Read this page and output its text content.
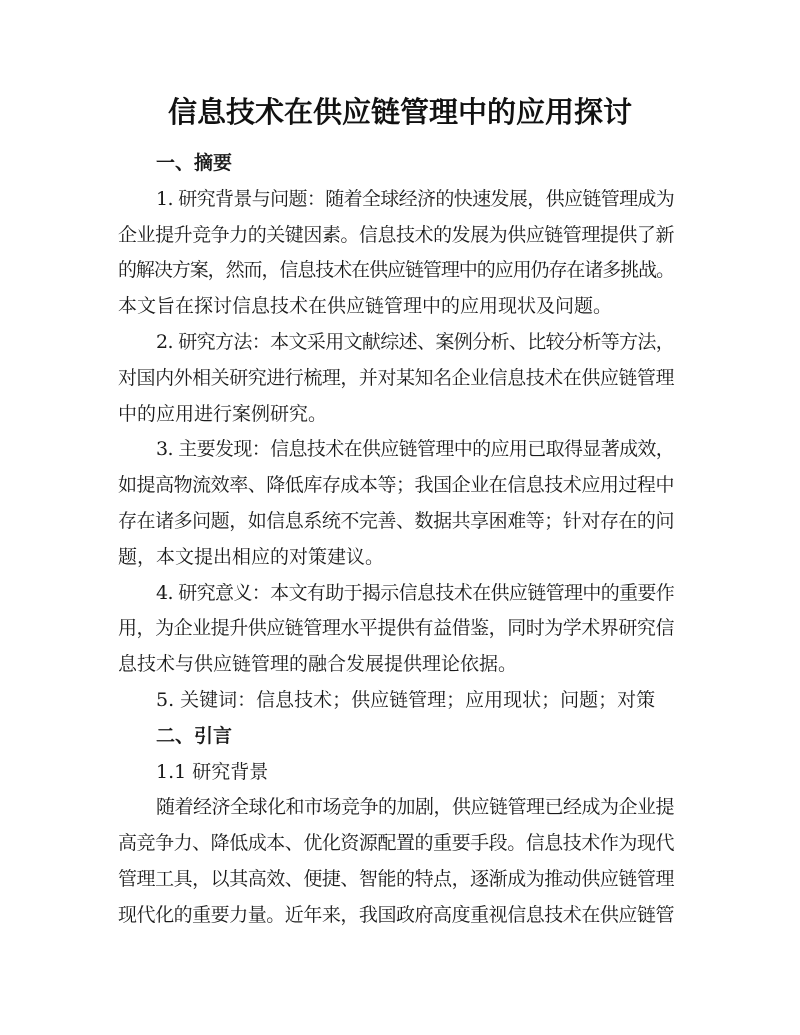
信息技术在供应链管理中的应用探讨
一、摘要
1. 研究背景与问题：随着全球经济的快速发展，供应链管理成为
企业提升竞争力的关键因素。信息技术的发展为供应链管理提供了新
的解决方案，然而，信息技术在供应链管理中的应用仍存在诸多挑战。
本文旨在探讨信息技术在供应链管理中的应用现状及问题。
2. 研究方法：本文采用文献综述、案例分析、比较分析等方法，
对国内外相关研究进行梳理，并对某知名企业信息技术在供应链管理
中的应用进行案例研究。
3. 主要发现：信息技术在供应链管理中的应用已取得显著成效，
如提高物流效率、降低库存成本等；我国企业在信息技术应用过程中
存在诸多问题，如信息系统不完善、数据共享困难等；针对存在的问
题，本文提出相应的对策建议。
4. 研究意义：本文有助于揭示信息技术在供应链管理中的重要作
用，为企业提升供应链管理水平提供有益借鉴，同时为学术界研究信
息技术与供应链管理的融合发展提供理论依据。
5. 关键词：信息技术；供应链管理；应用现状；问题；对策
二、引言
1.1 研究背景
随着经济全球化和市场竞争的加剧，供应链管理已经成为企业提
高竞争力、降低成本、优化资源配置的重要手段。信息技术作为现代
管理工具，以其高效、便捷、智能的特点，逐渐成为推动供应链管理
现代化的重要力量。近年来，我国政府高度重视信息技术在供应链管
